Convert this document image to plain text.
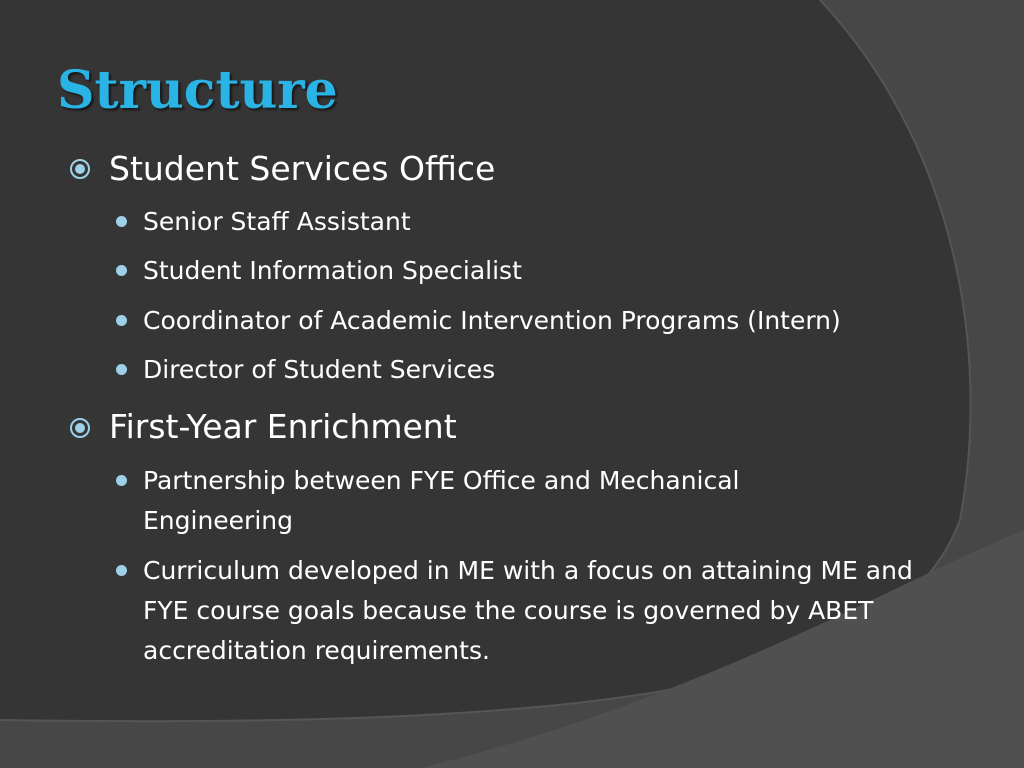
Structure
Student Services Office
Senior Staff Assistant
Student Information Specialist
Coordinator of Academic Intervention Programs (Intern)
Director of Student Services
First-Year Enrichment
Partnership between FYE Office and Mechanical Engineering
Curriculum developed in ME with a focus on attaining ME and FYE course goals because the course is governed by ABET accreditation requirements.
